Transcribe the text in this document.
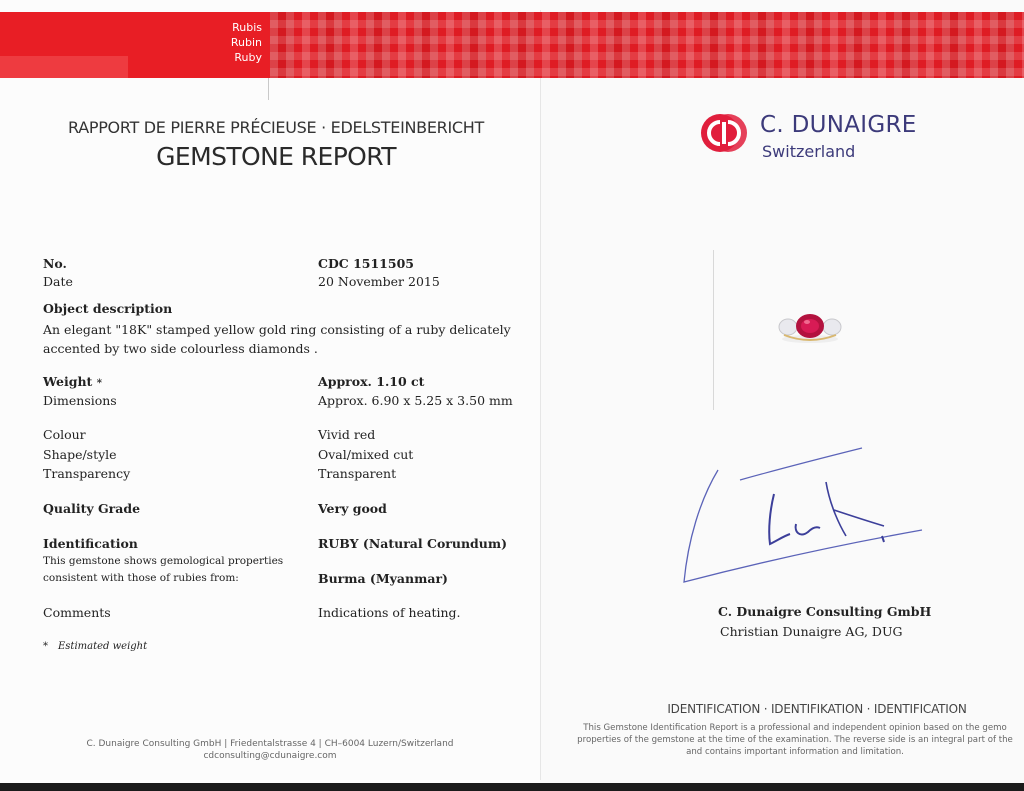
Rubis
Rubin
Ruby
RAPPORT DE PIERRE PRÉCIEUSE · EDELSTEINBERICHT
GEMSTONE REPORT
C. DUNAIGRE
Switzerland
No.	CDC 1511505
Date	20 November 2015
Object description
An elegant "18K" stamped yellow gold ring consisting of a ruby delicately accented by two side colourless diamonds .
Weight *	Approx. 1.10 ct
Dimensions	Approx. 6.90 x 5.25 x 3.50 mm
Colour	Vivid red
Shape/style	Oval/mixed cut
Transparency	Transparent
Quality Grade	Very good
Identification	RUBY (Natural Corundum)
This gemstone shows gemological properties
consistent with those of rubies from:	Burma (Myanmar)
Comments	Indications of heating.
* Estimated weight
C. Dunaigre Consulting GmbH
Christian Dunaigre AG, DUG
IDENTIFICATION · IDENTIFIKATION · IDENTIFICATION
This Gemstone Identification Report is a professional and independent opinion based on the gemo
properties of the gemstone at the time of the examination. The reverse side is an integral part of the
and contains important information and limitation.
C. Dunaigre Consulting GmbH | Friedentalstrasse 4 | CH–6004 Luzern/Switzerland
cdconsulting@cdunaigre.com
